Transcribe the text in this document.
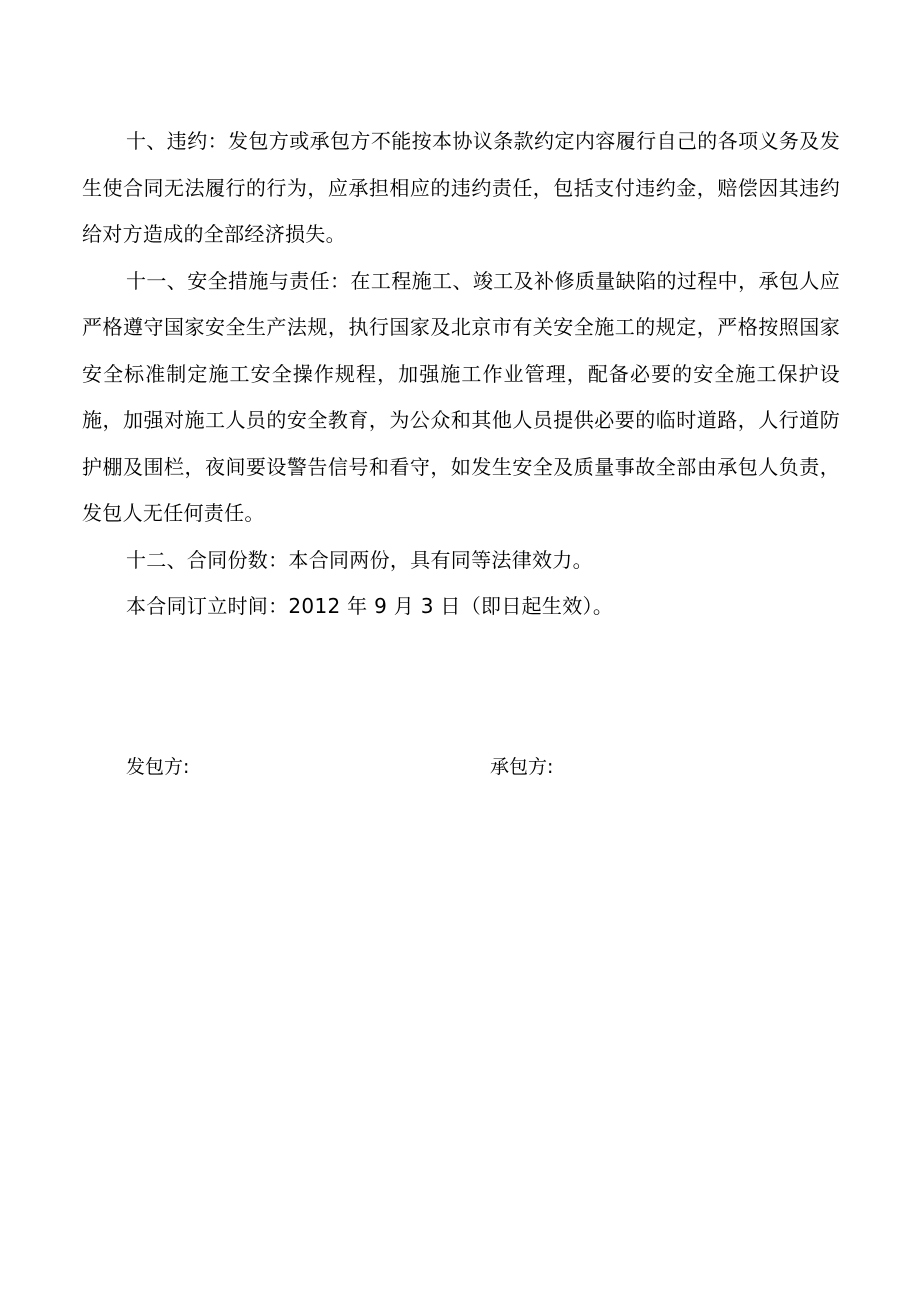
十、违约：发包方或承包方不能按本协议条款约定内容履行自己的各项义务及发生使合同无法履行的行为，应承担相应的违约责任，包括支付违约金，赔偿因其违约给对方造成的全部经济损失。

十一、安全措施与责任：在工程施工、竣工及补修质量缺陷的过程中，承包人应严格遵守国家安全生产法规，执行国家及北京市有关安全施工的规定，严格按照国家安全标准制定施工安全操作规程，加强施工作业管理，配备必要的安全施工保护设施，加强对施工人员的安全教育，为公众和其他人员提供必要的临时道路，人行道防护棚及围栏，夜间要设警告信号和看守，如发生安全及质量事故全部由承包人负责，发包人无任何责任。

十二、合同份数：本合同两份，具有同等法律效力。

本合同订立时间：2012 年 9 月 3 日（即日起生效）。

发包方:	承包方:
